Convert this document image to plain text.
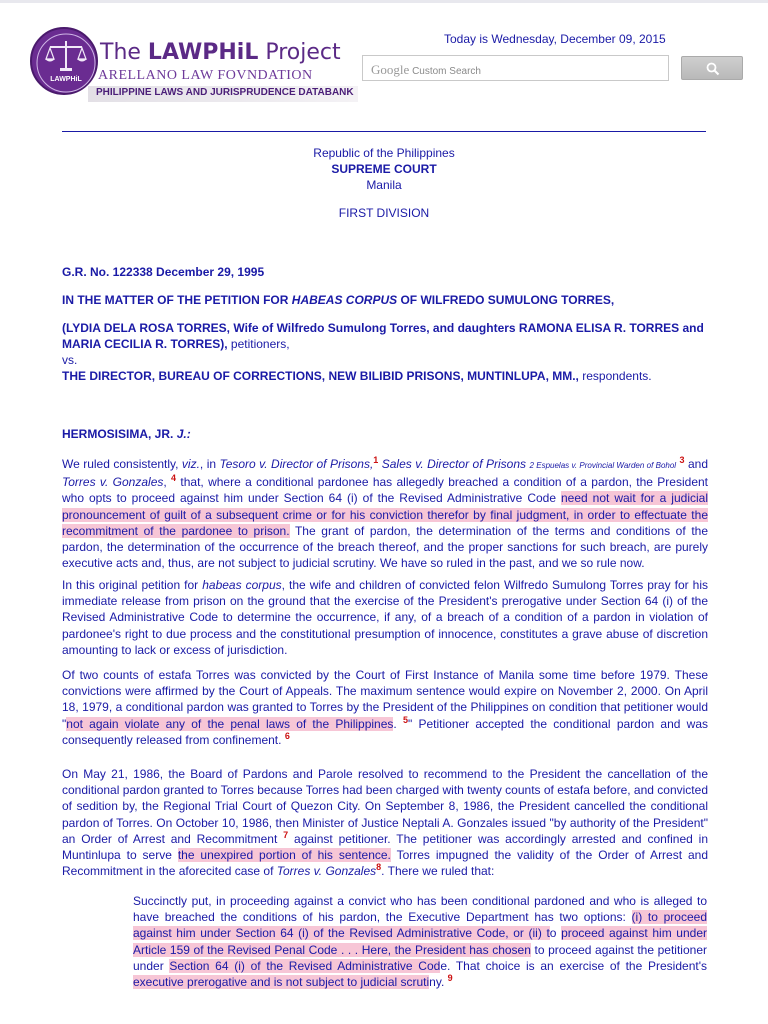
LAWPHiL
The LAWPHiL Project
ARELLANO LAW FOVNDATION
PHILIPPINE LAWS AND JURISPRUDENCE DATABANK
Today is Wednesday, December 09, 2015
Google Custom Search
Republic of the Philippines
SUPREME COURT
Manila
FIRST DIVISION
G.R. No. 122338 December 29, 1995
IN THE MATTER OF THE PETITION FOR HABEAS CORPUS OF WILFREDO SUMULONG TORRES,
(LYDIA DELA ROSA TORRES, Wife of Wilfredo Sumulong Torres, and daughters RAMONA ELISA R. TORRES and MARIA CECILIA R. TORRES), petitioners,
vs.
THE DIRECTOR, BUREAU OF CORRECTIONS, NEW BILIBID PRISONS, MUNTINLUPA, MM., respondents.
HERMOSISIMA, JR. J.:
We ruled consistently, viz., in Tesoro v. Director of Prisons,$^1$ Sales v. Director of Prisons 2 Espuelas v. Provincial Warden of Bohol $^3$ and Torres v. Gonzales, $^4$ that, where a conditional pardonee has allegedly breached a condition of a pardon, the President who opts to proceed against him under Section 64 (i) of the Revised Administrative Code need not wait for a judicial pronouncement of guilt of a subsequent crime or for his conviction therefor by final judgment, in order to effectuate the recommitment of the pardonee to prison. The grant of pardon, the determination of the terms and conditions of the pardon, the determination of the occurrence of the breach thereof, and the proper sanctions for such breach, are purely executive acts and, thus, are not subject to judicial scrutiny. We have so ruled in the past, and we so rule now.
In this original petition for habeas corpus, the wife and children of convicted felon Wilfredo Sumulong Torres pray for his immediate release from prison on the ground that the exercise of the President's prerogative under Section 64 (i) of the Revised Administrative Code to determine the occurrence, if any, of a breach of a condition of a pardon in violation of pardonee's right to due process and the constitutional presumption of innocence, constitutes a grave abuse of discretion amounting to lack or excess of jurisdiction.
Of two counts of estafa Torres was convicted by the Court of First Instance of Manila some time before 1979. These convictions were affirmed by the Court of Appeals. The maximum sentence would expire on November 2, 2000. On April 18, 1979, a conditional pardon was granted to Torres by the President of the Philippines on condition that petitioner would "not again violate any of the penal laws of the Philippines. $^5$" Petitioner accepted the conditional pardon and was consequently released from confinement. $^6$
On May 21, 1986, the Board of Pardons and Parole resolved to recommend to the President the cancellation of the conditional pardon granted to Torres because Torres had been charged with twenty counts of estafa before, and convicted of sedition by, the Regional Trial Court of Quezon City. On September 8, 1986, the President cancelled the conditional pardon of Torres. On October 10, 1986, then Minister of Justice Neptali A. Gonzales issued "by authority of the President" an Order of Arrest and Recommitment $^7$ against petitioner. The petitioner was accordingly arrested and confined in Muntinlupa to serve the unexpired portion of his sentence. Torres impugned the validity of the Order of Arrest and Recommitment in the aforecited case of Torres v. Gonzales$^8$. There we ruled that:
Succinctly put, in proceeding against a convict who has been conditional pardoned and who is alleged to have breached the conditions of his pardon, the Executive Department has two options: (i) to proceed against him under Section 64 (i) of the Revised Administrative Code, or (ii) to proceed against him under Article 159 of the Revised Penal Code . . . Here, the President has chosen to proceed against the petitioner under Section 64 (i) of the Revised Administrative Code. That choice is an exercise of the President's executive prerogative and is not subject to judicial scrutiny. $^9$
